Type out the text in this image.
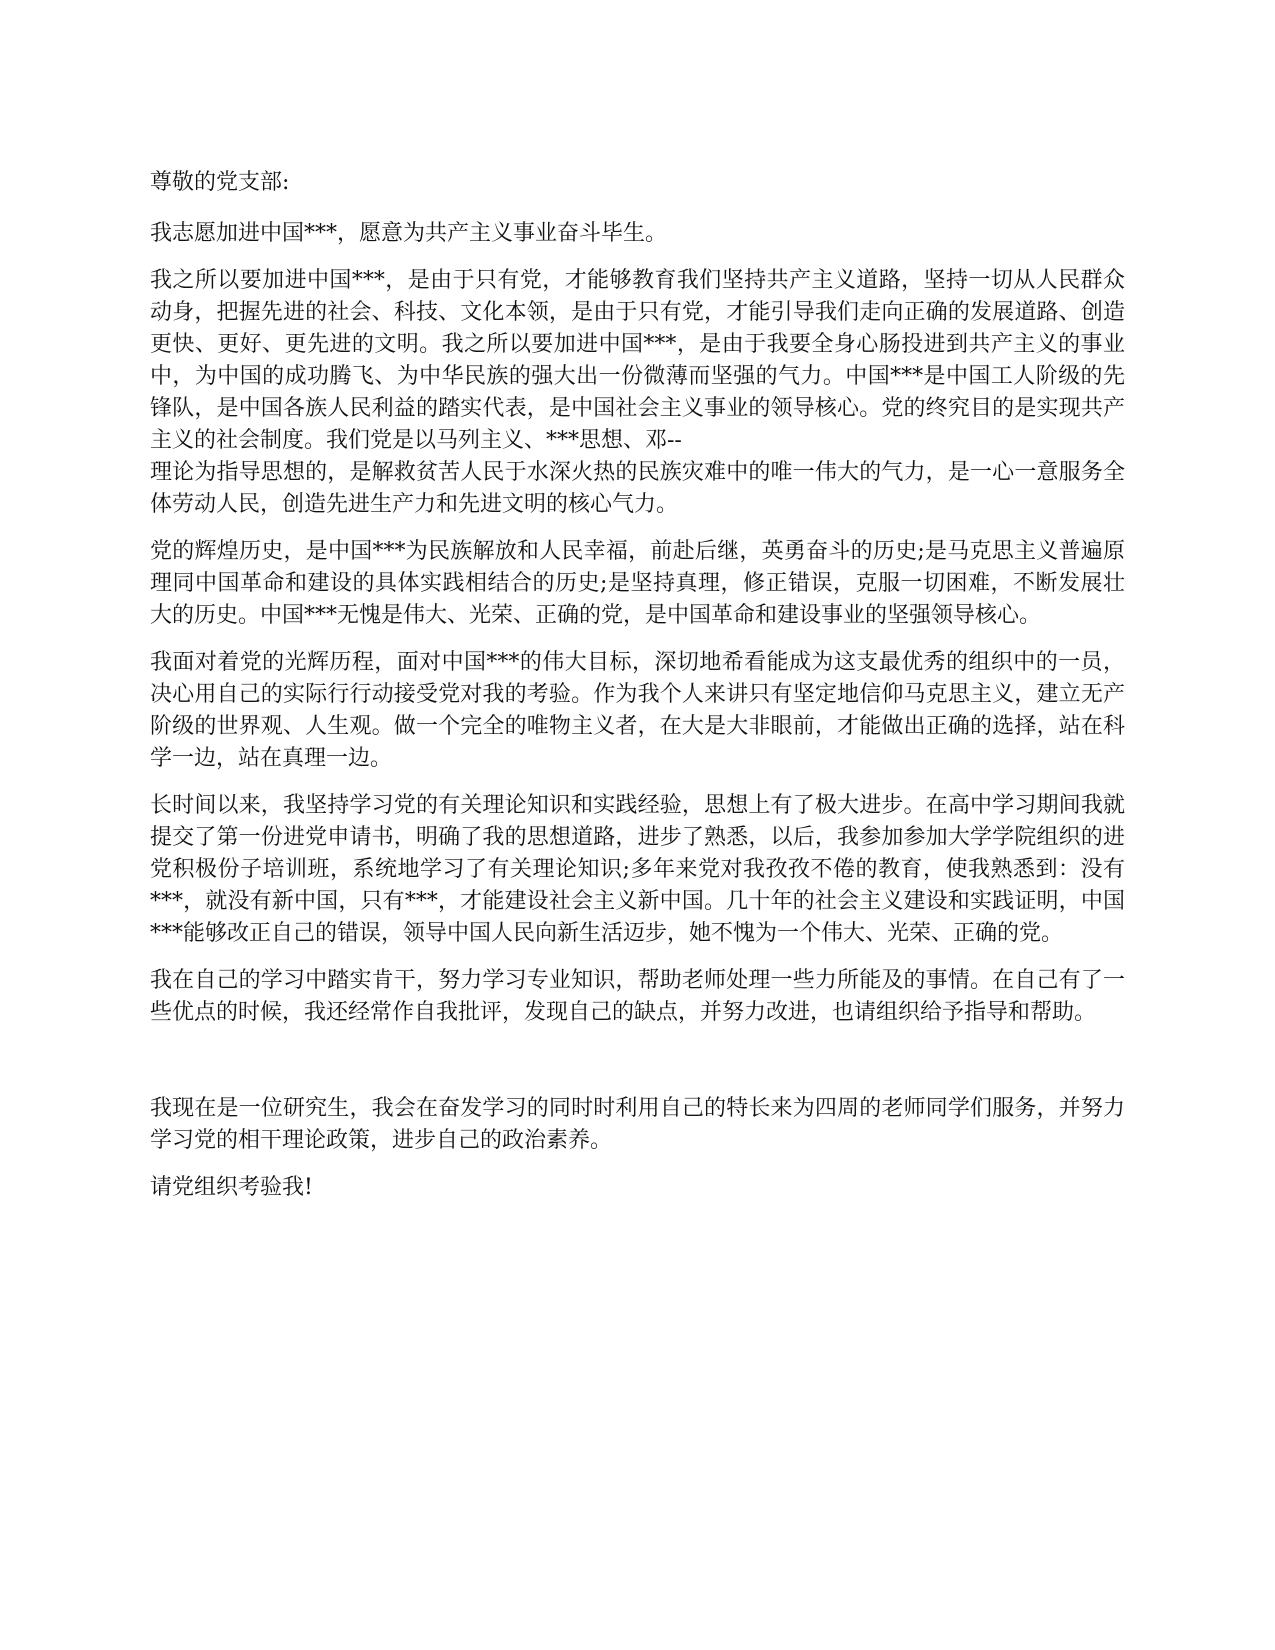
尊敬的党支部:

我志愿加进中国***，愿意为共产主义事业奋斗毕生。

我之所以要加进中国***，是由于只有党，才能够教育我们坚持共产主义道路，坚持一切从人民群众动身，把握先进的社会、科技、文化本领，是由于只有党，才能引导我们走向正确的发展道路、创造更快、更好、更先进的文明。我之所以要加进中国***，是由于我要全身心肠投进到共产主义的事业中，为中国的成功腾飞、为中华民族的强大出一份微薄而坚强的气力。中国***是中国工人阶级的先锋队，是中国各族人民利益的踏实代表，是中国社会主义事业的领导核心。党的终究目的是实现共产主义的社会制度。我们党是以马列主义、***思想、邓--
理论为指导思想的，是解救贫苦人民于水深火热的民族灾难中的唯一伟大的气力，是一心一意服务全体劳动人民，创造先进生产力和先进文明的核心气力。

党的辉煌历史，是中国***为民族解放和人民幸福，前赴后继，英勇奋斗的历史;是马克思主义普遍原理同中国革命和建设的具体实践相结合的历史;是坚持真理，修正错误，克服一切困难，不断发展壮大的历史。中国***无愧是伟大、光荣、正确的党，是中国革命和建设事业的坚强领导核心。

我面对着党的光辉历程，面对中国***的伟大目标，深切地希看能成为这支最优秀的组织中的一员，决心用自己的实际行行动接受党对我的考验。作为我个人来讲只有坚定地信仰马克思主义，建立无产阶级的世界观、人生观。做一个完全的唯物主义者，在大是大非眼前，才能做出正确的选择，站在科学一边，站在真理一边。

长时间以来，我坚持学习党的有关理论知识和实践经验，思想上有了极大进步。在高中学习期间我就提交了第一份进党申请书，明确了我的思想道路，进步了熟悉，以后，我参加参加大学学院组织的进党积极份子培训班，系统地学习了有关理论知识;多年来党对我孜孜不倦的教育，使我熟悉到：没有***，就没有新中国，只有***，才能建设社会主义新中国。几十年的社会主义建设和实践证明，中国***能够改正自己的错误，领导中国人民向新生活迈步，她不愧为一个伟大、光荣、正确的党。

我在自己的学习中踏实肯干，努力学习专业知识，帮助老师处理一些力所能及的事情。在自己有了一些优点的时候，我还经常作自我批评，发现自己的缺点，并努力改进，也请组织给予指导和帮助。

我现在是一位研究生，我会在奋发学习的同时时利用自己的特长来为四周的老师同学们服务，并努力学习党的相干理论政策，进步自己的政治素养。

请党组织考验我!
